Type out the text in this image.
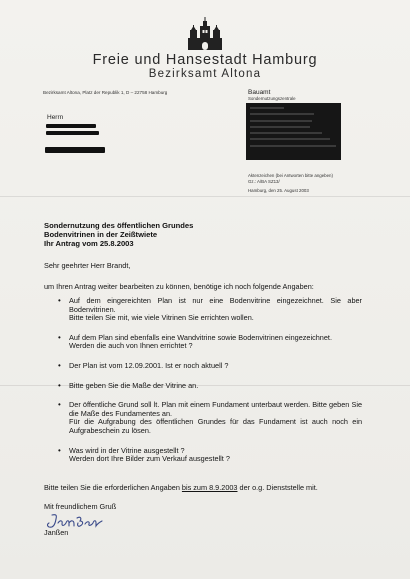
Freie und Hansestadt Hamburg
Bezirksamt Altona
Bezirksamt Altona, Platz der Republik 1, D – 22758 Hamburg
Herrn
Bauamt
Sondernutzungszentrale
Aktenzeichen (bei Antworten bitte angeben)
Gz.: A/BA SZ13/
Hamburg, den 25. August 2003
Sondernutzung des öffentlichen Grundes
Bodenvitrinen in der Zeißtwiete
Ihr Antrag vom 25.8.2003
Sehr geehrter Herr Brandt,
um Ihren Antrag weiter bearbeiten zu können, benötige ich noch folgende Angaben:
• Auf dem eingereichten Plan ist nur eine Bodenvitrine eingezeichnet. Sie aber Bodenvitrinen.
Bitte teilen Sie mit, wie viele Vitrinen Sie errichten wollen.
• Auf dem Plan sind ebenfalls eine Wandvitrine sowie Bodenvitrinen eingezeichnet.
Werden die auch von Ihnen errichtet ?
• Der Plan ist vom 12.09.2001. Ist er noch aktuell ?
• Bitte geben Sie die Maße der Vitrine an.
• Der öffentliche Grund soll lt. Plan mit einem Fundament unterbaut werden. Bitte geben Sie die Maße des Fundamentes an.
Für die Aufgrabung des öffentlichen Grundes für das Fundament ist auch noch ein Aufgrabeschein zu lösen.
• Was wird in der Vitrine ausgestellt ?
Werden dort Ihre Bilder zum Verkauf ausgestellt ?
Bitte teilen Sie die erforderlichen Angaben bis zum 8.9.2003 der o.g. Dienststelle mit.
Mit freundlichem Gruß
Janßen
